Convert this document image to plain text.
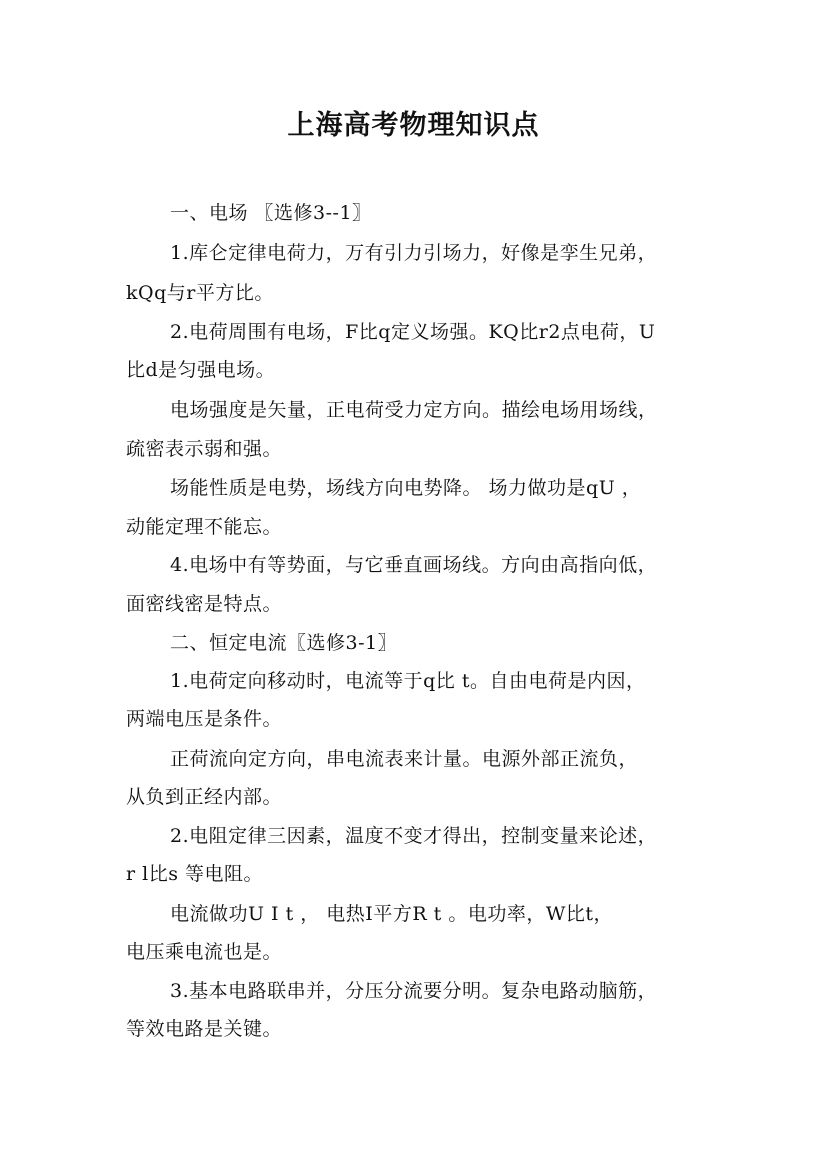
上海高考物理知识点
一、电场 〖选修3--1〗
1.库仑定律电荷力，万有引力引场力，好像是孪生兄弟，
kQq与r平方比。
2.电荷周围有电场，F比q定义场强。KQ比r2点电荷，U
比d是匀强电场。
电场强度是矢量，正电荷受力定方向。描绘电场用场线，
疏密表示弱和强。
场能性质是电势，场线方向电势降。 场力做功是qU ，
动能定理不能忘。
4.电场中有等势面，与它垂直画场线。方向由高指向低，
面密线密是特点。
二、恒定电流〖选修3-1〗
1.电荷定向移动时，电流等于q比 t。自由电荷是内因，
两端电压是条件。
正荷流向定方向，串电流表来计量。电源外部正流负，
从负到正经内部。
2.电阻定律三因素，温度不变才得出，控制变量来论述，
r l比s 等电阻。
电流做功U I t ， 电热I平方R t 。电功率，W比t，
电压乘电流也是。
3.基本电路联串并，分压分流要分明。复杂电路动脑筋，
等效电路是关键。
